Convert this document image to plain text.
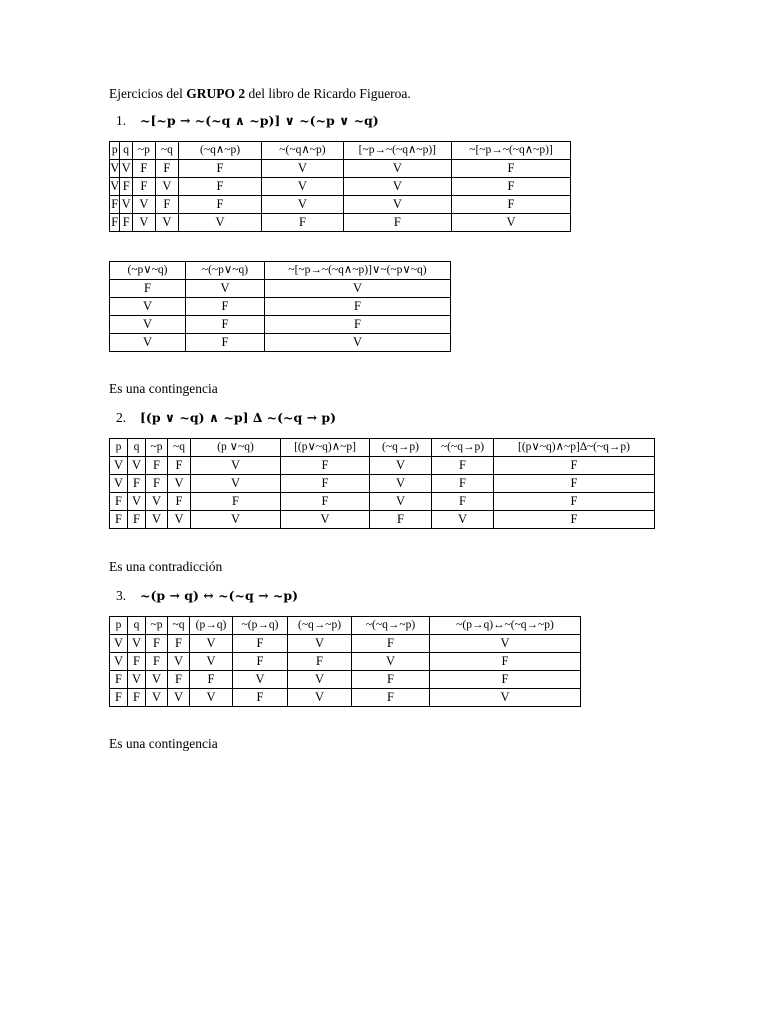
Ejercicios del GRUPO 2 del libro de Ricardo Figueroa.
1. ~[~p → ~(~q ∧ ~p)] ∨ ~(~p ∨ ~q)
p	q	~p	~q	(~q∧~p)	~(~q∧~p)	[~p→~(~q∧~p)]	~[~p→~(~q∧~p)]
V	V	F	F	F	V	V	F
V	F	F	V	F	V	V	F
F	V	V	F	F	V	V	F
F	F	V	V	V	F	F	V
(~p∨~q)	~(~p∨~q)	~[~p→~(~q∧~p)]∨~(~p∨~q)
F	V	V
V	F	F
V	F	F
V	F	V
Es una contingencia
2. [(p ∨ ~q) ∧ ~p] ∆ ~(~q → p)
p	q	~p	~q	(p ∨~q)	[(p∨~q)∧~p]	(~q→p)	~(~q→p)	[(p∨~q)∧~p]∆~(~q→p)
V	V	F	F	V	F	V	F	F
V	F	F	V	V	F	V	F	F
F	V	V	F	F	F	V	F	F
F	F	V	V	V	V	F	V	F
Es una contradicción
3. ~(p → q) ↔ ~(~q → ~p)
p	q	~p	~q	(p→q)	~(p→q)	(~q→~p)	~(~q→~p)	~(p→q)↔~(~q→~p)
V	V	F	F	V	F	V	F	V
V	F	F	V	V	F	F	V	F
F	V	V	F	F	V	V	F	F
F	F	V	V	V	F	V	F	V
Es una contingencia
